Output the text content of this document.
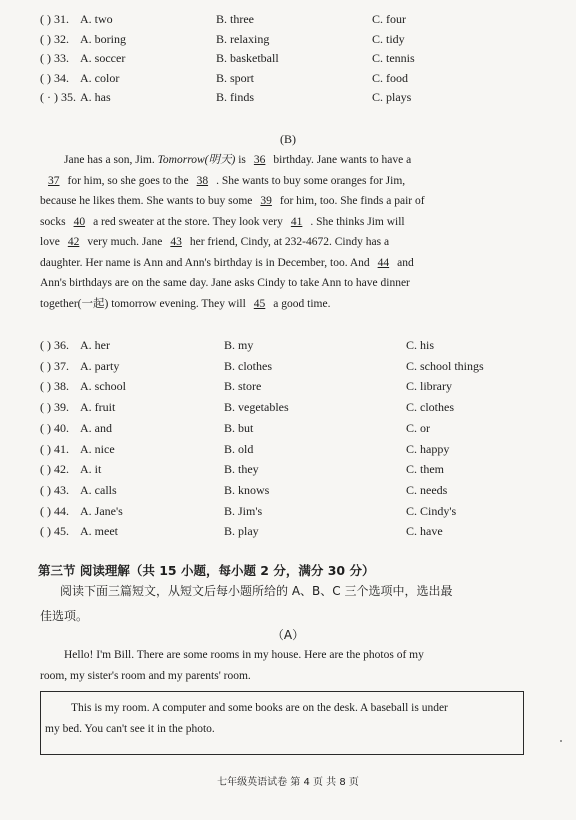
( ) 31. A. two	B. three	C. four
( ) 32. A. boring	B. relaxing	C. tidy
( ) 33. A. soccer	B. basketball	C. tennis
( ) 34. A. color	B. sport	C. food
( · ) 35. A. has	B. finds	C. plays
(B)
Jane has a son, Jim. Tomorrow(明天) is 36 birthday. Jane wants to have a
37 for him, so she goes to the 38 . She wants to buy some oranges for Jim,
because he likes them. She wants to buy some 39 for him, too. She finds a pair of
socks 40 a red sweater at the store. They look very 41 . She thinks Jim will
love 42 very much. Jane 43 her friend, Cindy, at 232-4672. Cindy has a
daughter. Her name is Ann and Ann's birthday is in December, too. And 44 and
Ann's birthdays are on the same day. Jane asks Cindy to take Ann to have dinner
together(一起) tomorrow evening. They will 45 a good time.
( ) 36. A. her	B. my	C. his
( ) 37. A. party	B. clothes	C. school things
( ) 38. A. school	B. store	C. library
( ) 39. A. fruit	B. vegetables	C. clothes
( ) 40. A. and	B. but	C. or
( ) 41. A. nice	B. old	C. happy
( ) 42. A. it	B. they	C. them
( ) 43. A. calls	B. knows	C. needs
( ) 44. A. Jane's	B. Jim's	C. Cindy's
( ) 45. A. meet	B. play	C. have
第三节 阅读理解（共 15 小题，每小题 2 分，满分 30 分）
阅读下面三篇短文，从短文后每小题所给的 A、B、C 三个选项中，选出最
佳选项。
（A）
Hello! I'm Bill. There are some rooms in my house. Here are the photos of my
room, my sister's room and my parents' room.
This is my room. A computer and some books are on the desk. A baseball is under
my bed. You can't see it in the photo.
七年级英语试卷 第 4 页 共 8 页
